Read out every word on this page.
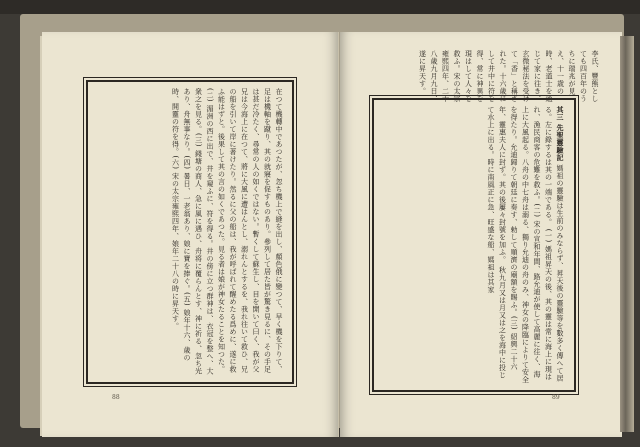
在つて機轉中であつたが、忽ち機上で縫を出し、顏色俄に變つて、早く機を下りて、足は機軸を蹴り、其の就寢を促すものあり。參列して居た皆が驚き見るに、その手足は甚だ冷たく、尋常の人の如くではない。暫くして蘇生し、目を開いて曰く、我が父兄は今海上に在つて、將に大風に遭はんとし、溺れんとするを、我れ往いて救ひ、兄の船を引いて岸に著けたり。然るに父の船は、我が呼ばれて醒めたる爲めに、遂に救ふ能はずと。後果して其の言の如くであつた。見る者は娘が神女たることを知つた。(二) 湄洲の西に出で、井を窺ふに、符を得る。井の傍に立つ群神は、衣冠を整へ、大衆之を見る。(三) 錢塘の商人、急に風に遇ひ、舟将に覆らんとす、神に祈る、忽ち光あり、舟無事なり。(四) 暑日、一老翁あり、娘に寶を捧ぐ。(五) 娘年十六、歳の時、開靈の符を得。(六) 宋の太宗雍熙四年、娘年二十八の時に昇天す。
88
李氏、豐熊としても四百年のうちに瑞兆が見え、十一歳の時、老道士を通じて家に往き、玄微秘法を受けて「香」と稱された。十六歳にして井中に符を得、常に神異を現はして人々を救ふ。宋の太宗雍熙四年、二十八歳九月九日、遂に昇天す。
其三 先聖靈驗記 媽祖の靈驗は生前のみならず、昇天後の靈驗等を數多く傳へて居る。左に錄するは其の一端である。 (一) 媽祖昇天の後、其の靈は常に海上に現はれ、漁民商客の危難を救ふ。(二) 宋の宣和年間、路允迪が使して高麗に往く、海上に大風起る。八舟の中七舟は溺る、獨り允迪の舟のみ、神女の降臨によりて安全を得たり。允迪歸りて朝廷に奏す、勅して順濟の廟額を賜ふ。(三) 紹興二十六年、靈惠夫人に封ず。其の後屢々封號を加ふ。 秋九月又は月又は之を海中に投じて水上に出る。時に南風正に急、旺盛な船、媽祖は其家
89
